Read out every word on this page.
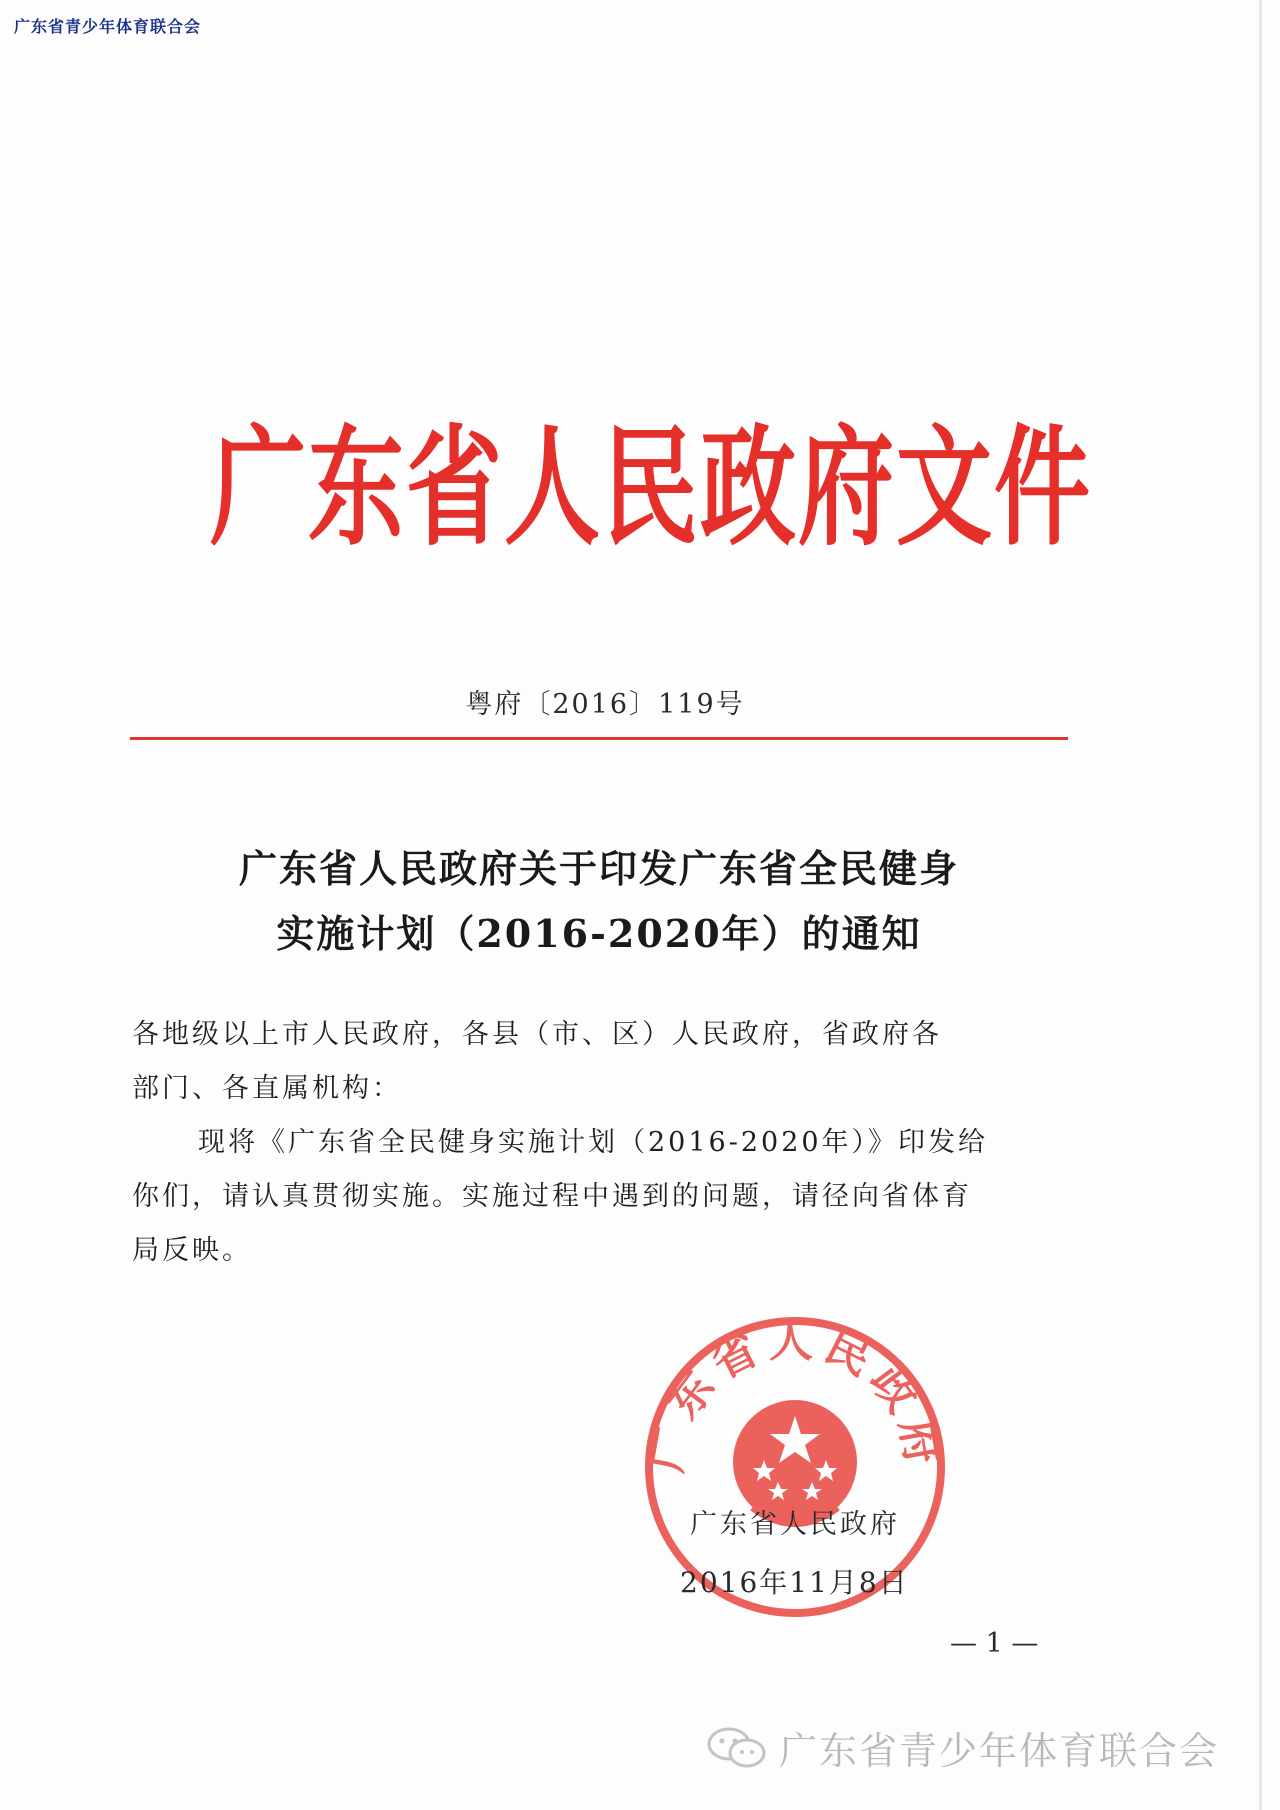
广东省青少年体育联合会
广东省人民政府文件
粤府〔2016〕119号
广东省人民政府关于印发广东省全民健身
实施计划（2016-2020年）的通知

各地级以上市人民政府，各县（市、区）人民政府，省政府各

部门、各直属机构：

现将《广东省全民健身实施计划（2016-2020年）》印发给

你们，请认真贯彻实施。实施过程中遇到的问题，请径向省体育

局反映。

广东省人民政府
广东省人民政府
2016年11月8日
— 1 —
广东省青少年体育联合会
